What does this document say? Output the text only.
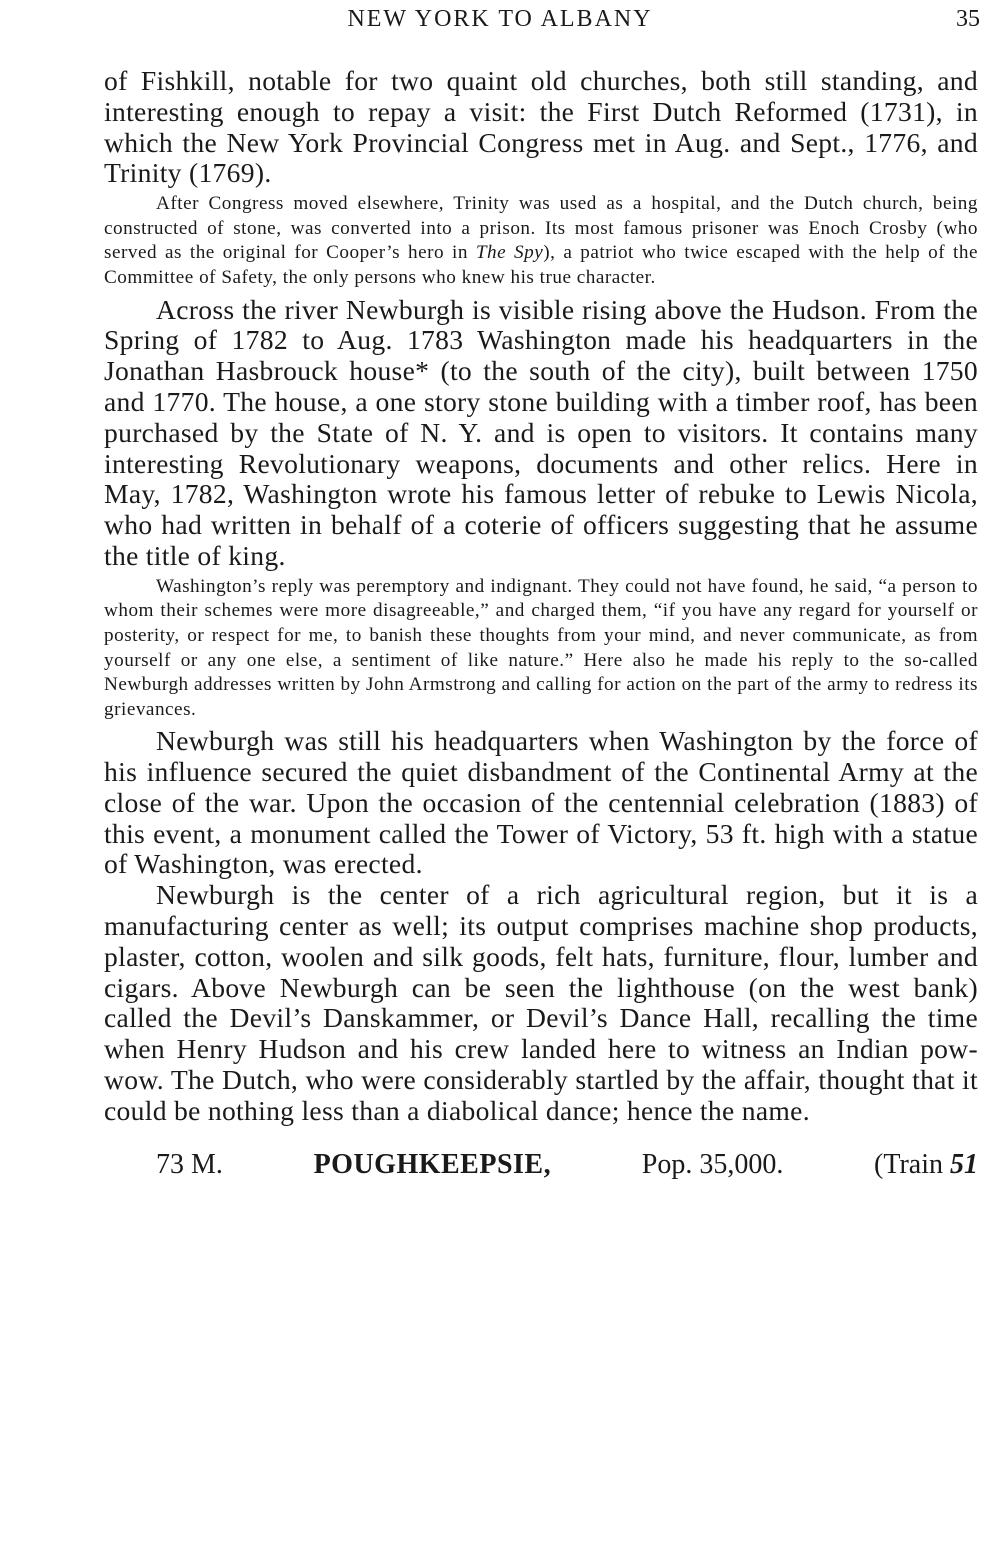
NEW YORK TO ALBANY	35

of Fishkill, notable for two quaint old churches, both still standing, and interesting enough to repay a visit: the First Dutch Reformed (1731), in which the New York Provincial Congress met in Aug. and Sept., 1776, and Trinity (1769).

After Congress moved elsewhere, Trinity was used as a hospital, and the Dutch church, being constructed of stone, was converted into a prison. Its most famous prisoner was Enoch Crosby (who served as the original for Cooper’s hero in The Spy), a patriot who twice escaped with the help of the Committee of Safety, the only persons who knew his true character.

Across the river Newburgh is visible rising above the Hudson. From the Spring of 1782 to Aug. 1783 Washington made his headquarters in the Jonathan Hasbrouck house* (to the south of the city), built between 1750 and 1770. The house, a one story stone building with a timber roof, has been purchased by the State of N. Y. and is open to visitors. It contains many interesting Revolutionary weapons, documents and other relics. Here in May, 1782, Washington wrote his famous letter of rebuke to Lewis Nicola, who had written in behalf of a coterie of officers suggesting that he assume the title of king.

Washington’s reply was peremptory and indignant. They could not have found, he said, “a person to whom their schemes were more disagreeable,” and charged them, “if you have any regard for yourself or posterity, or respect for me, to banish these thoughts from your mind, and never communicate, as from yourself or any one else, a sentiment of like nature.” Here also he made his reply to the so-called Newburgh addresses written by John Armstrong and calling for action on the part of the army to redress its grievances.

Newburgh was still his headquarters when Washington by the force of his influence secured the quiet disbandment of the Continental Army at the close of the war. Upon the occasion of the centennial celebration (1883) of this event, a monument called the Tower of Victory, 53 ft. high with a statue of Washington, was erected.

Newburgh is the center of a rich agricultural region, but it is a manufacturing center as well; its output comprises machine shop products, plaster, cotton, woolen and silk goods, felt hats, furniture, flour, lumber and cigars. Above Newburgh can be seen the lighthouse (on the west bank) called the Devil’s Danskammer, or Devil’s Dance Hall, recalling the time when Henry Hudson and his crew landed here to witness an Indian pow-wow. The Dutch, who were considerably startled by the affair, thought that it could be nothing less than a diabolical dance; hence the name.

73 M.	POUGHKEEPSIE,	Pop. 35,000.	(Train 51
